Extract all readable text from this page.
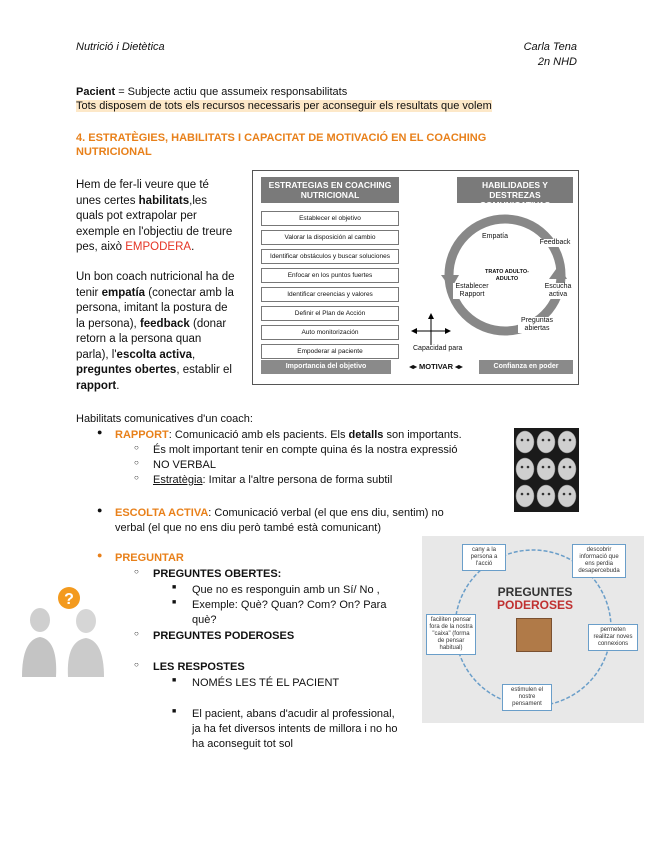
Nutrició i Dietètica	Carla Tena
2n NHD
Pacient = Subjecte actiu que assumeix responsabilitats
Tots disposem de tots els recursos necessaris per aconseguir els resultats que volem
4. ESTRATÈGIES, HABILITATS I CAPACITAT DE MOTIVACIÓ EN EL COACHING
NUTRICIONAL
Hem de fer-li veure que té
unes certes habilitats,les
quals pot extrapolar per
exemple en l'objectiu de treure
pes, això EMPODERA.
Un bon coach nutricional ha de
tenir empatía (conectar amb la
persona, imitant la postura de
la persona), feedback (donar
retorn a la persona quan
parla), l'escolta activa,
preguntes obertes, establir el
rapport.
ESTRATEGIAS EN COACHING NUTRICIONAL
HABILIDADES Y DESTREZAS COMUNICATIVAS
Establecer el objetivo
Valorar la disposición al cambio
Identificar obstáculos y buscar soluciones
Enfocar en los puntos fuertes
Identificar creencias y valores
Definir el Plan de Acción
Auto monitorización
Empoderar al paciente
Empatía
Feedback
TRATO ADULTO-ADULTO
Establecer Rapport
Escucha activa
Preguntas abiertas
Capacidad para
Importancia del objetivo	◂▸ MOTIVAR ◂▸	Confianza en poder alcanzarlo
Habilitats comunicatives d'un coach:
● RAPPORT: Comunicació amb els pacients. Els detalls son importants.
○ És molt important tenir en compte quina és la nostra expressió
○ NO VERBAL
○ Estratègia: Imitar a l'altre persona de forma subtil
● ESCOLTA ACTIVA: Comunicació verbal (el que ens diu, sentim) no
verbal (el que no ens diu però també està comunicant)
● PREGUNTAR
○ PREGUNTES OBERTES:
■ Que no es responguin amb un Sí/ No ,
■ Exemple: Què? Quan? Com? On? Para
què?
○ PREGUNTES PODEROSES
○ LES RESPOSTES
■ NOMÉS LES TÉ EL PACIENT
■ El pacient, abans d'acudir al professional,
ja ha fet diversos intents de millora i no ho
ha aconseguit tot sol
?	PREGUNTES
PODEROSES
cany a la persona a l'acció
descobrir informació que ens perdia desapercebuda
faciliten pensar fora de la nostra "caixa" (forma de pensar habitual)
permeten realitzar noves connexions
estimulen el nostre pensament
